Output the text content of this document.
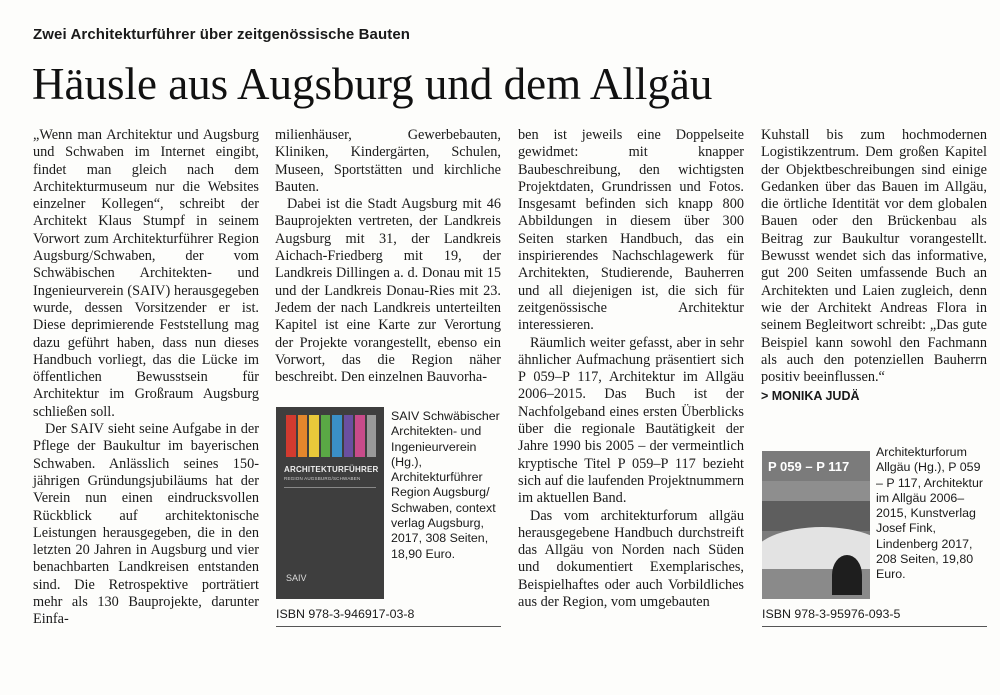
Zwei Architekturführer über zeitgenössische Bauten
Häusle aus Augsburg und dem Allgäu

„Wenn man Architektur und Augsburg und Schwaben im Internet eingibt, findet man gleich nach dem Architekturmuseum nur die Websites einzelner Kollegen“, schreibt der Architekt Klaus Stumpf in seinem Vorwort zum Architekturführer Region Augsburg/Schwaben, der vom Schwäbischen Architekten- und Ingenieurverein (SAIV) herausgegeben wurde, dessen Vorsitzender er ist. Diese deprimierende Feststellung mag dazu geführt haben, dass nun dieses Handbuch vorliegt, das die Lücke im öffentlichen Bewusstsein für Architektur im Großraum Augsburg schließen soll.

Der SAIV sieht seine Aufgabe in der Pflege der Baukultur im bayerischen Schwaben. Anlässlich seines 150-jährigen Gründungsjubiläums hat der Verein nun einen eindrucksvollen Rückblick auf architektonische Leistungen herausgegeben, die in den letzten 20 Jahren in Augsburg und vier benachbarten Landkreisen entstanden sind. Die Retrospektive porträtiert mehr als 130 Bauprojekte, darunter Einfa-

milienhäuser, Gewerbebauten, Kliniken, Kindergärten, Schulen, Museen, Sportstätten und kirchliche Bauten.

Dabei ist die Stadt Augsburg mit 46 Bauprojekten vertreten, der Landkreis Augsburg mit 31, der Landkreis Aichach-Friedberg mit 19, der Landkreis Dillingen a. d. Donau mit 15 und der Landkreis Donau-Ries mit 23. Jedem der nach Landkreis unterteilten Kapitel ist eine Karte zur Verortung der Projekte vorangestellt, ebenso ein Vorwort, das die Region näher beschreibt. Den einzelnen Bauvorha-

ben ist jeweils eine Doppelseite gewidmet: mit knapper Baubeschreibung, den wichtigsten Projektdaten, Grundrissen und Fotos. Insgesamt befinden sich knapp 800 Abbildungen in diesem über 300 Seiten starken Handbuch, das ein inspirierendes Nachschlagewerk für Architekten, Studierende, Bauherren und all diejenigen ist, die sich für zeitgenössische Architektur interessieren.

Räumlich weiter gefasst, aber in sehr ähnlicher Aufmachung präsentiert sich P 059–P 117, Architektur im Allgäu 2006–2015. Das Buch ist der Nachfolgeband eines ersten Überblicks über die regionale Bautätigkeit der Jahre 1990 bis 2005 – der vermeintlich kryptische Titel P 059–P 117 bezieht sich auf die laufenden Projektnummern im aktuellen Band.

Das vom architekturforum allgäu herausgegebene Handbuch durchstreift das Allgäu von Norden nach Süden und dokumentiert Exemplarisches, Beispielhaftes oder auch Vorbildliches aus der Region, vom umgebauten

Kuhstall bis zum hochmodernen Logistikzentrum. Dem großen Kapitel der Objektbeschreibungen sind einige Gedanken über das Bauen im Allgäu, die örtliche Identität vor dem globalen Bauen oder den Brückenbau als Beitrag zur Baukultur vorangestellt. Bewusst wendet sich das informative, gut 200 Seiten umfassende Buch an Architekten und Laien zugleich, denn wie der Architekt Andreas Flora in seinem Begleitwort schreibt: „Das gute Beispiel kann sowohl den Fachmann als auch den potenziellen Bauherrn positiv beeinflussen.“

> MONIKA JUDÄ
ARCHITEKTURFÜHRER
REGION AUGSBURG/SCHWABEN
SAIV
SAIV Schwäbischer Architekten- und Ingenieurverein (Hg.), Architekturführer Region Augsburg/ Schwaben, context verlag Augsburg, 2017, 308 Seiten, 18,90 Euro.
ISBN 978-3-946917-03-8
P 059 – P 117
Architekturforum Allgäu (Hg.), P 059 – P 117, Architektur im Allgäu 2006–2015, Kunstverlag Josef Fink, Lindenberg 2017, 208 Seiten, 19,80 Euro.
ISBN 978-3-95976-093-5
